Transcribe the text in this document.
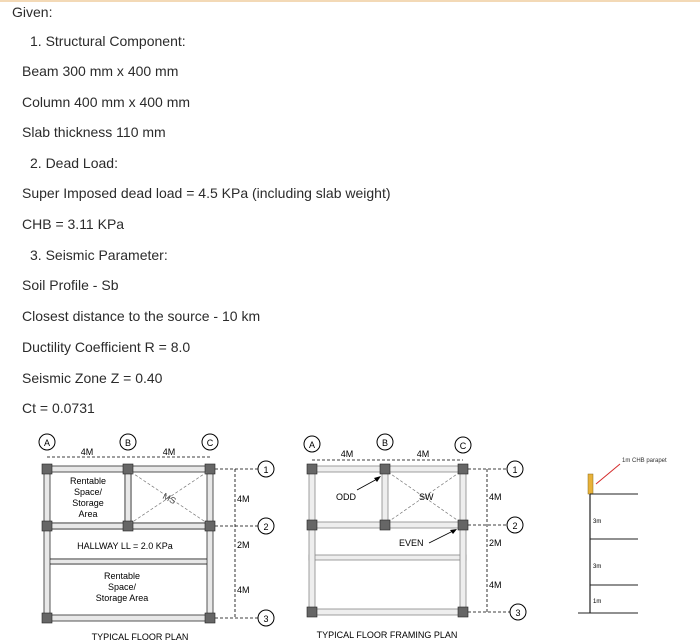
Given:
1. Structural Component:
Beam 300 mm x 400 mm
Column 400 mm x 400 mm
Slab thickness 110 mm
2. Dead Load:
Super Imposed dead load = 4.5 KPa (including slab weight)
CHB = 3.11 KPa
3. Seismic Parameter:
Soil Profile - Sb
Closest distance to the source - 10 km
Ductility Coefficient R = 8.0
Seismic Zone Z = 0.40
Ct = 0.0731
A	B	C
1
2
3
4M	4M
4M
2M
4M
MS
Rentable
Space/
Storage
Area
HALLWAY LL = 2.0 KPa
Rentable
Space/
Storage Area
TYPICAL FLOOR PLAN
A	B	C
1
2
3
4M	4M
4M
2M
4M
ODD	SW
EVEN
TYPICAL FLOOR FRAMING PLAN
1m CHB parapet
3m
3m
1m
